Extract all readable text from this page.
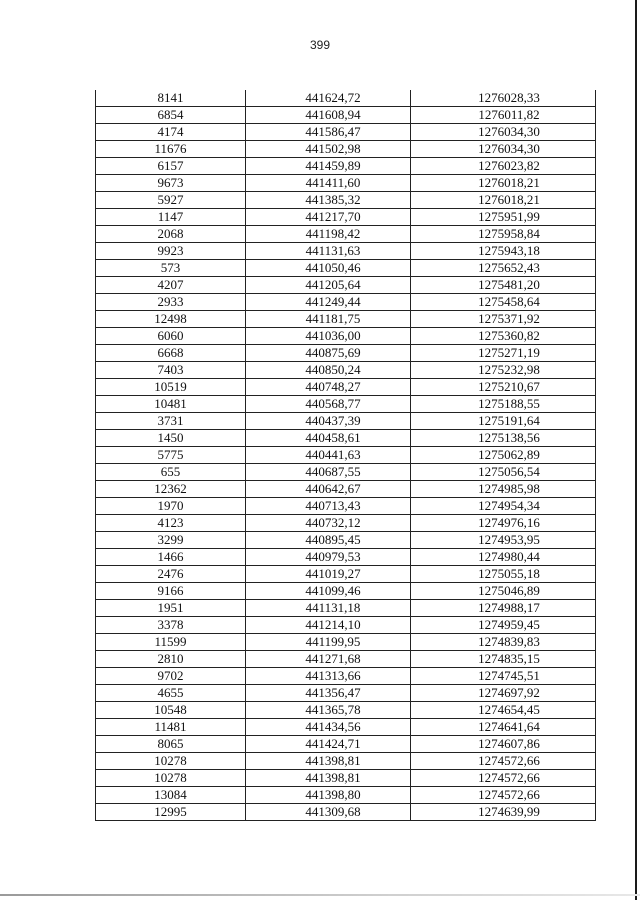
399
8141	441624,72	1276028,33
6854	441608,94	1276011,82
4174	441586,47	1276034,30
11676	441502,98	1276034,30
6157	441459,89	1276023,82
9673	441411,60	1276018,21
5927	441385,32	1276018,21
1147	441217,70	1275951,99
2068	441198,42	1275958,84
9923	441131,63	1275943,18
573	441050,46	1275652,43
4207	441205,64	1275481,20
2933	441249,44	1275458,64
12498	441181,75	1275371,92
6060	441036,00	1275360,82
6668	440875,69	1275271,19
7403	440850,24	1275232,98
10519	440748,27	1275210,67
10481	440568,77	1275188,55
3731	440437,39	1275191,64
1450	440458,61	1275138,56
5775	440441,63	1275062,89
655	440687,55	1275056,54
12362	440642,67	1274985,98
1970	440713,43	1274954,34
4123	440732,12	1274976,16
3299	440895,45	1274953,95
1466	440979,53	1274980,44
2476	441019,27	1275055,18
9166	441099,46	1275046,89
1951	441131,18	1274988,17
3378	441214,10	1274959,45
11599	441199,95	1274839,83
2810	441271,68	1274835,15
9702	441313,66	1274745,51
4655	441356,47	1274697,92
10548	441365,78	1274654,45
11481	441434,56	1274641,64
8065	441424,71	1274607,86
10278	441398,81	1274572,66
10278	441398,81	1274572,66
13084	441398,80	1274572,66
12995	441309,68	1274639,99
